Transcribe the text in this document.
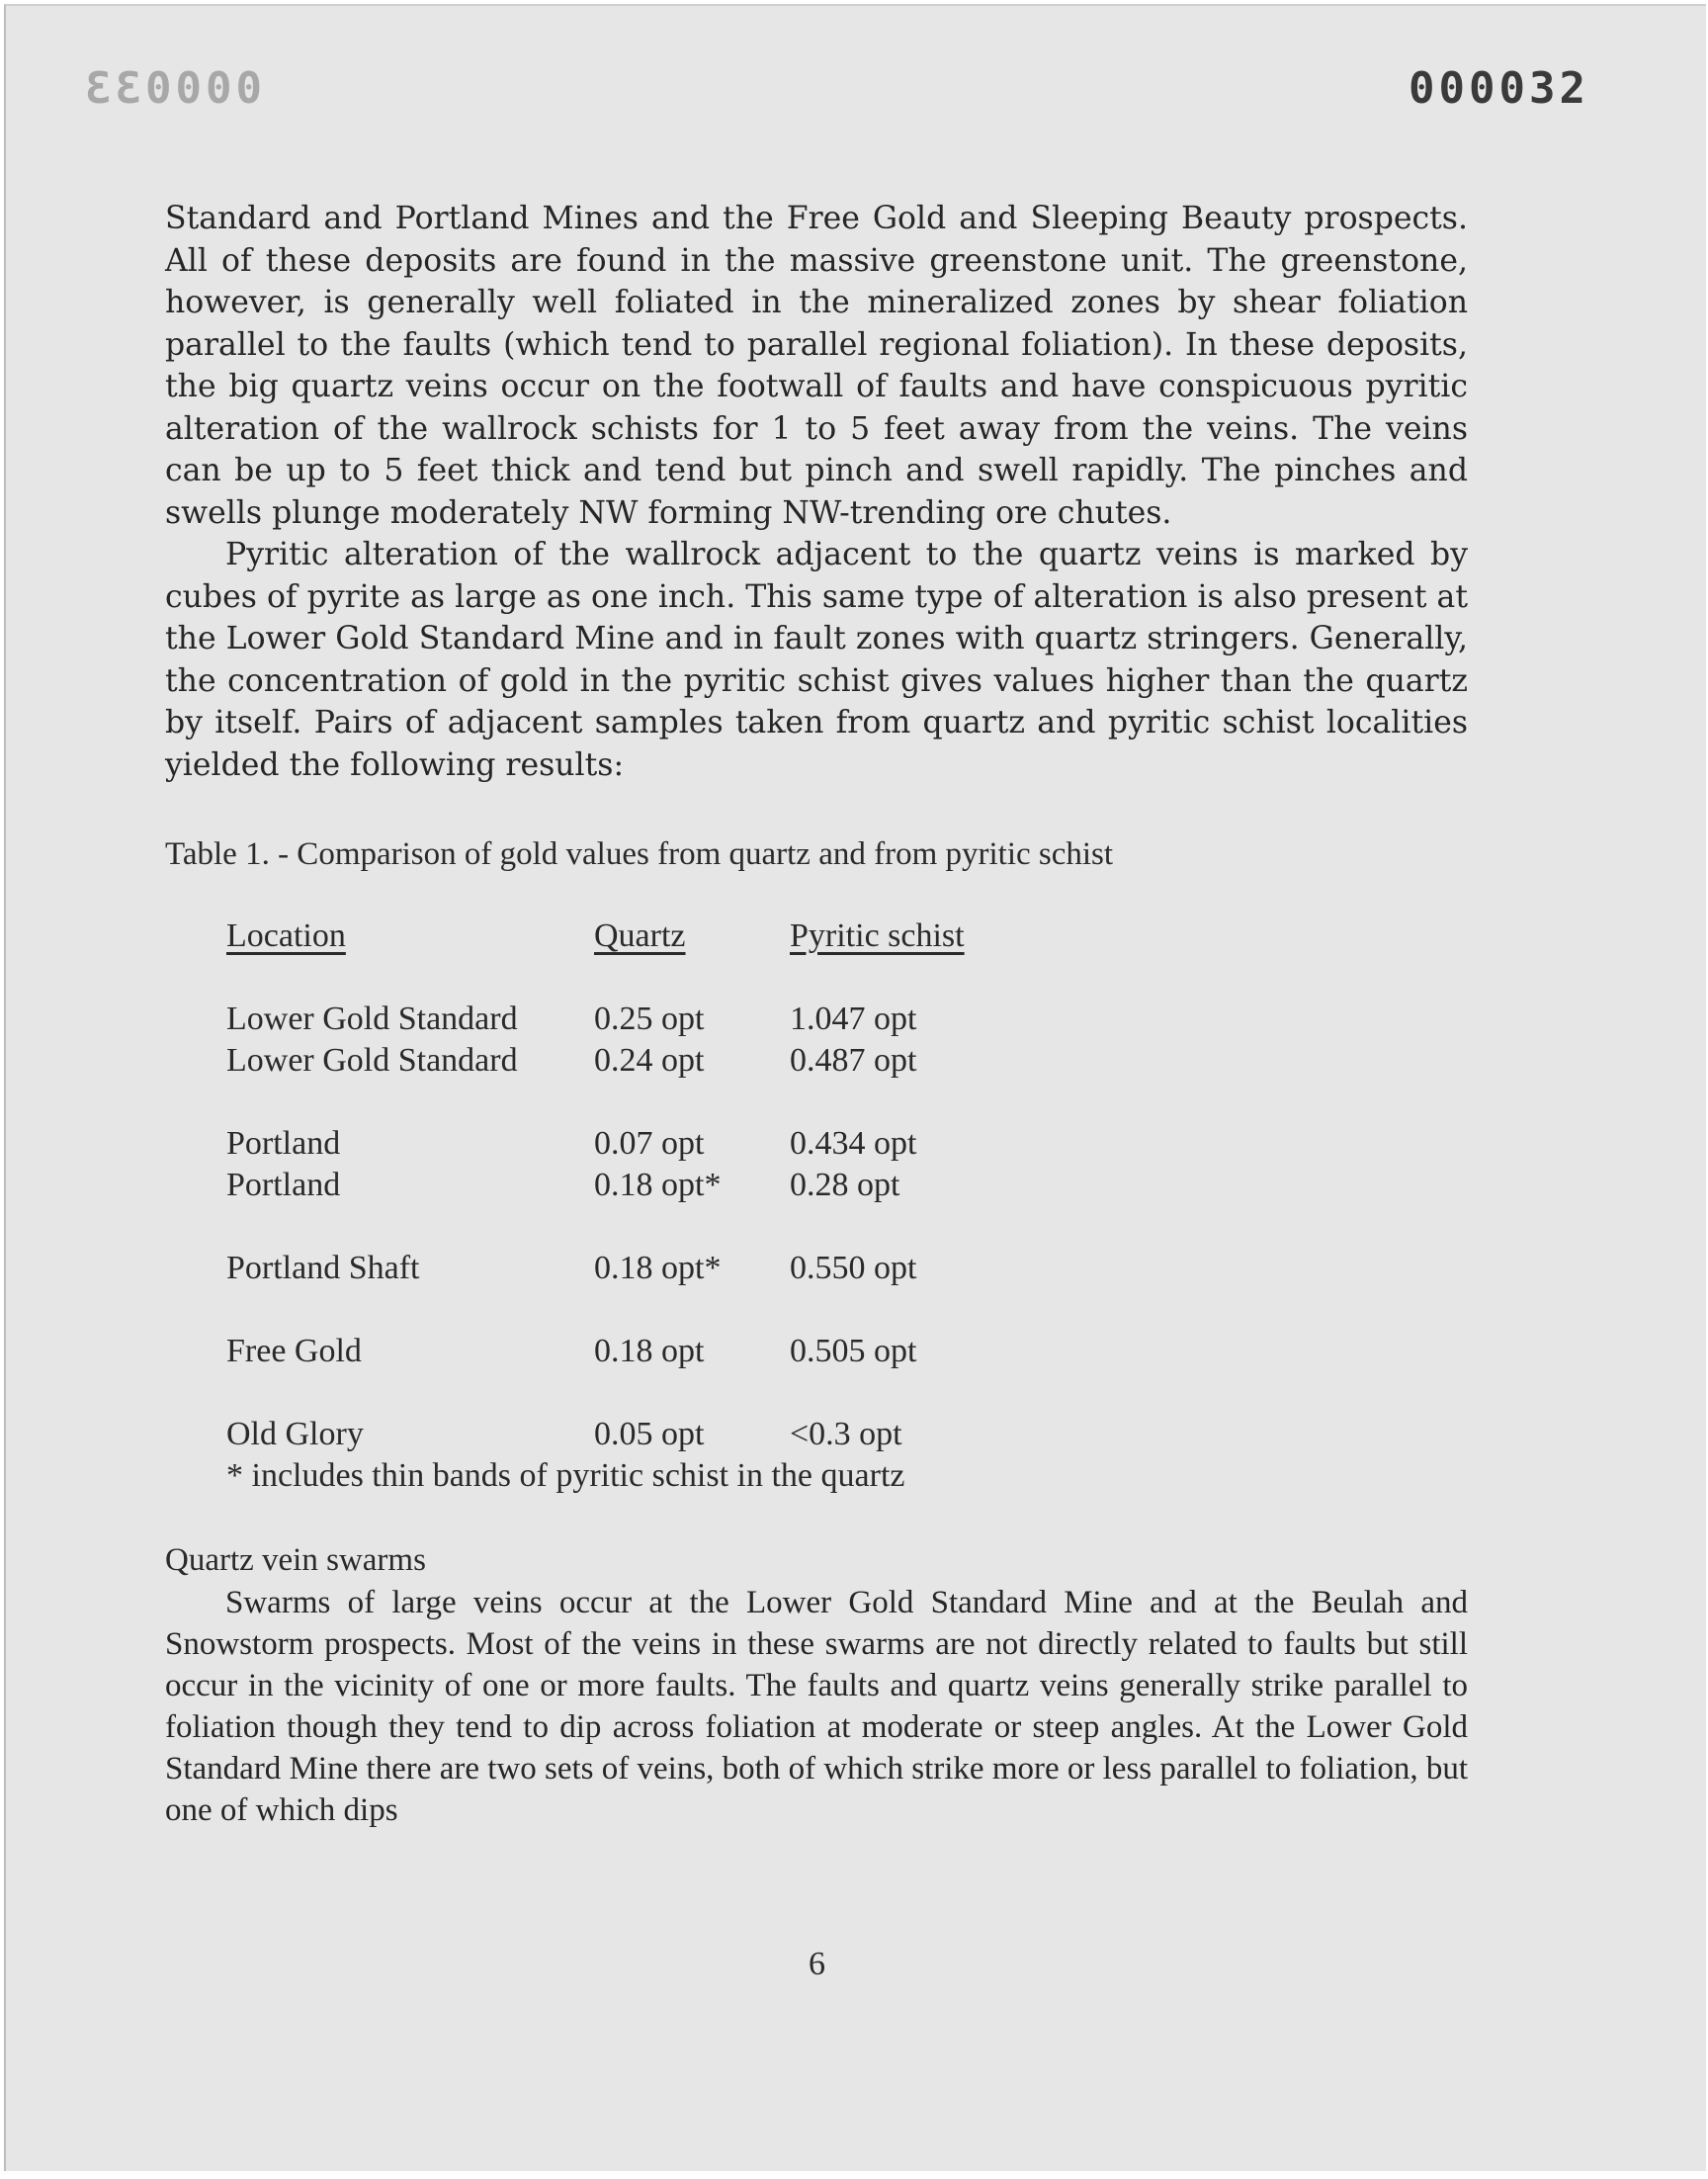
000033	000032

Standard and Portland Mines and the Free Gold and Sleeping Beauty prospects. All of these deposits are found in the massive greenstone unit. The greenstone, however, is generally well foliated in the mineralized zones by shear foliation parallel to the faults (which tend to parallel regional foliation). In these deposits, the big quartz veins occur on the footwall of faults and have conspicuous pyritic alteration of the wallrock schists for 1 to 5 feet away from the veins. The veins can be up to 5 feet thick and tend but pinch and swell rapidly. The pinches and swells plunge moderately NW forming NW-trending ore chutes.

Pyritic alteration of the wallrock adjacent to the quartz veins is marked by cubes of pyrite as large as one inch. This same type of alteration is also present at the Lower Gold Standard Mine and in fault zones with quartz stringers. Generally, the concentration of gold in the pyritic schist gives values higher than the quartz by itself. Pairs of adjacent samples taken from quartz and pyritic schist localities yielded the following results:

Table 1. - Comparison of gold values from quartz and from pyritic schist
Location	Quartz	Pyritic schist

Lower Gold Standard	0.25 opt	1.047 opt
Lower Gold Standard	0.24 opt	0.487 opt

Portland	0.07 opt	0.434 opt
Portland	0.18 opt*	0.28 opt

Portland Shaft	0.18 opt*	0.550 opt

Free Gold	0.18 opt	0.505 opt

Old Glory	0.05 opt	<0.3 opt
* includes thin bands of pyritic schist in the quartz
Quartz vein swarms

Swarms of large veins occur at the Lower Gold Standard Mine and at the Beulah and Snowstorm prospects. Most of the veins in these swarms are not directly related to faults but still occur in the vicinity of one or more faults. The faults and quartz veins generally strike parallel to foliation though they tend to dip across foliation at moderate or steep angles. At the Lower Gold Standard Mine there are two sets of veins, both of which strike more or less parallel to foliation, but one of which dips

6
